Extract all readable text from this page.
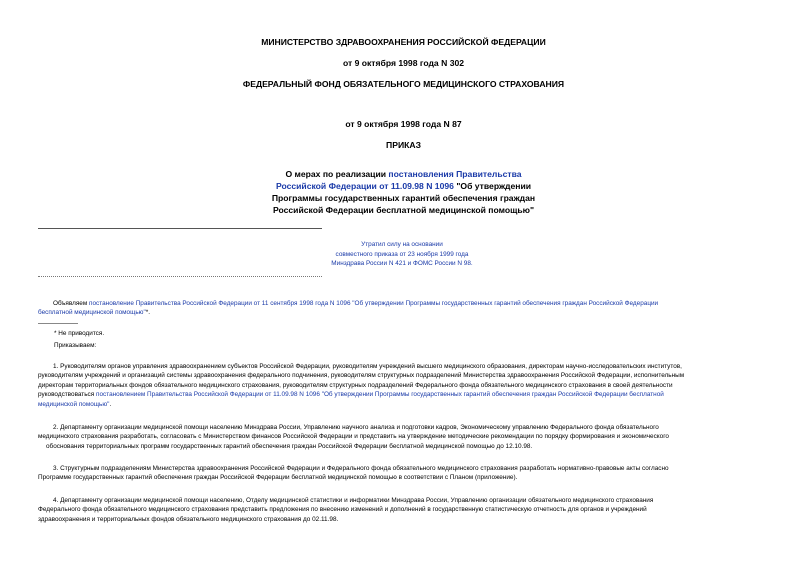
МИНИСТЕРСТВО ЗДРАВООХРАНЕНИЯ РОССИЙСКОЙ ФЕДЕРАЦИИ
от 9 октября 1998 года N 302
ФЕДЕРАЛЬНЫЙ ФОНД ОБЯЗАТЕЛЬНОГО МЕДИЦИНСКОГО СТРАХОВАНИЯ
от 9 октября 1998 года N 87
ПРИКАЗ
О мерах по реализации постановления Правительства
Российской Федерации от 11.09.98 N 1096 "Об утверждении
Программы государственных гарантий обеспечения граждан
Российской Федерации бесплатной медицинской помощью"
Утратил силу на основании
совместного приказа от 23 ноября 1999 года
Минздрава России N 421 и ФОМС России N 98.
Объявляем постановление Правительства Российской Федерации от 11 сентября 1998 года N 1096 "Об утверждении Программы государственных гарантий обеспечения граждан Российской Федерации
бесплатной медицинской помощью"*.
* Не приводится.
Приказываем:
1. Руководителям органов управления здравоохранением субъектов Российской Федерации, руководителям учреждений высшего медицинского образования, директорам научно-исследовательских институтов,
руководителям учреждений и организаций системы здравоохранения федерального подчинения, руководителям структурных подразделений Министерства здравоохранения Российской Федерации, исполнительным
директорам территориальных фондов обязательного медицинского страхования, руководителям структурных подразделений Федерального фонда обязательного медицинского страхования в своей деятельности
руководствоваться постановлением Правительства Российской Федерации от 11.09.98 N 1096 "Об утверждении Программы государственных гарантий обеспечения граждан Российской Федерации бесплатной
медицинской помощью".
2. Департаменту организации медицинской помощи населению Минздрава России, Управлению научного анализа и подготовки кадров, Экономическому управлению Федерального фонда обязательного
медицинского страхования разработать, согласовать с Министерством финансов Российской Федерации и представить на утверждение методические рекомендации по порядку формирования и экономического
обоснования территориальных программ государственных гарантий обеспечения граждан Российской Федерации бесплатной медицинской помощью до 12.10.98.
3. Структурным подразделениям Министерства здравоохранения Российской Федерации и Федерального фонда обязательного медицинского страхования разработать нормативно-правовые акты согласно
Программе государственных гарантий обеспечения граждан Российской Федерации бесплатной медицинской помощью в соответствии с Планом (приложение).
4. Департаменту организации медицинской помощи населению, Отделу медицинской статистики и информатики Минздрава России, Управлению организации обязательного медицинского страхования
Федерального фонда обязательного медицинского страхования представить предложения по внесению изменений и дополнений в государственную статистическую отчетность для органов и учреждений
здравоохранения и территориальных фондов обязательного медицинского страхования до 02.11.98.
